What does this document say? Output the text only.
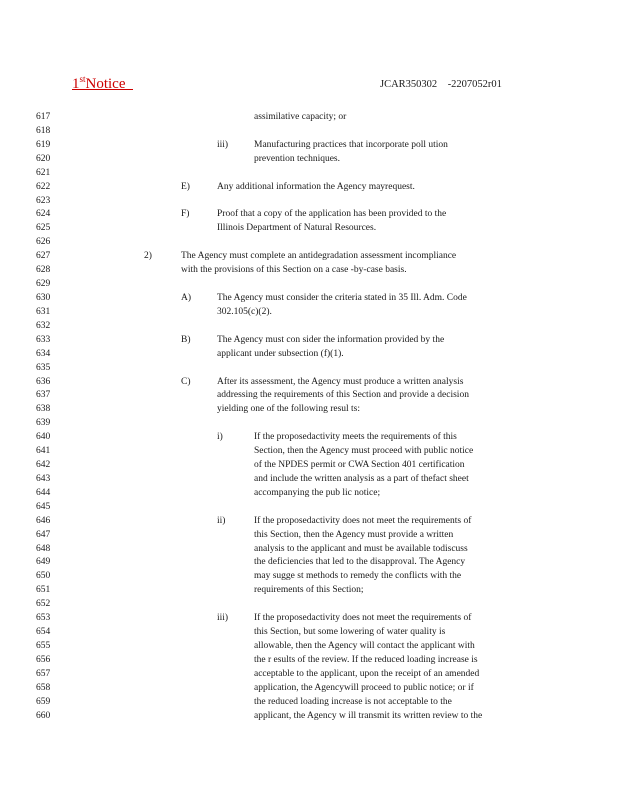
1stNotice	JCAR350302 -2207052r01
617	assimilative capacity; or
618
619	iii)	Manufacturing practices that incorporate poll ution
620	prevention techniques.
621
622	E)	Any additional information the Agency mayrequest.
623
624	F)	Proof that a copy of the application has been provided to the
625	Illinois Department of Natural Resources.
626
627	2)	The Agency must complete an antidegradation assessment incompliance
628	with the provisions of this Section on a case -by-case basis.
629
630	A)	The Agency must consider the criteria stated in 35 Ill. Adm. Code
631	302.105(c)(2).
632
633	B)	The Agency must con sider the information provided by the
634	applicant under subsection (f)(1).
635
636	C)	After its assessment, the Agency must produce a written analysis
637	addressing the requirements of this Section and provide a decision
638	yielding one of the following resul ts:
639
640	i)	If the proposedactivity meets the requirements of this
641	Section, then the Agency must proceed with public notice
642	of the NPDES permit or CWA Section 401 certification
643	and include the written analysis as a part of thefact sheet
644	accompanying the pub lic notice;
645
646	ii)	If the proposedactivity does not meet the requirements of
647	this Section, then the Agency must provide a written
648	analysis to the applicant and must be available todiscuss
649	the deficiencies that led to the disapproval. The Agency
650	may sugge st methods to remedy the conflicts with the
651	requirements of this Section;
652
653	iii)	If the proposedactivity does not meet the requirements of
654	this Section, but some lowering of water quality is
655	allowable, then the Agency will contact the applicant with
656	the r esults of the review. If the reduced loading increase is
657	acceptable to the applicant, upon the receipt of an amended
658	application, the Agencywill proceed to public notice; or if
659	the reduced loading increase is not acceptable to the
660	applicant, the Agency w ill transmit its written review to the
